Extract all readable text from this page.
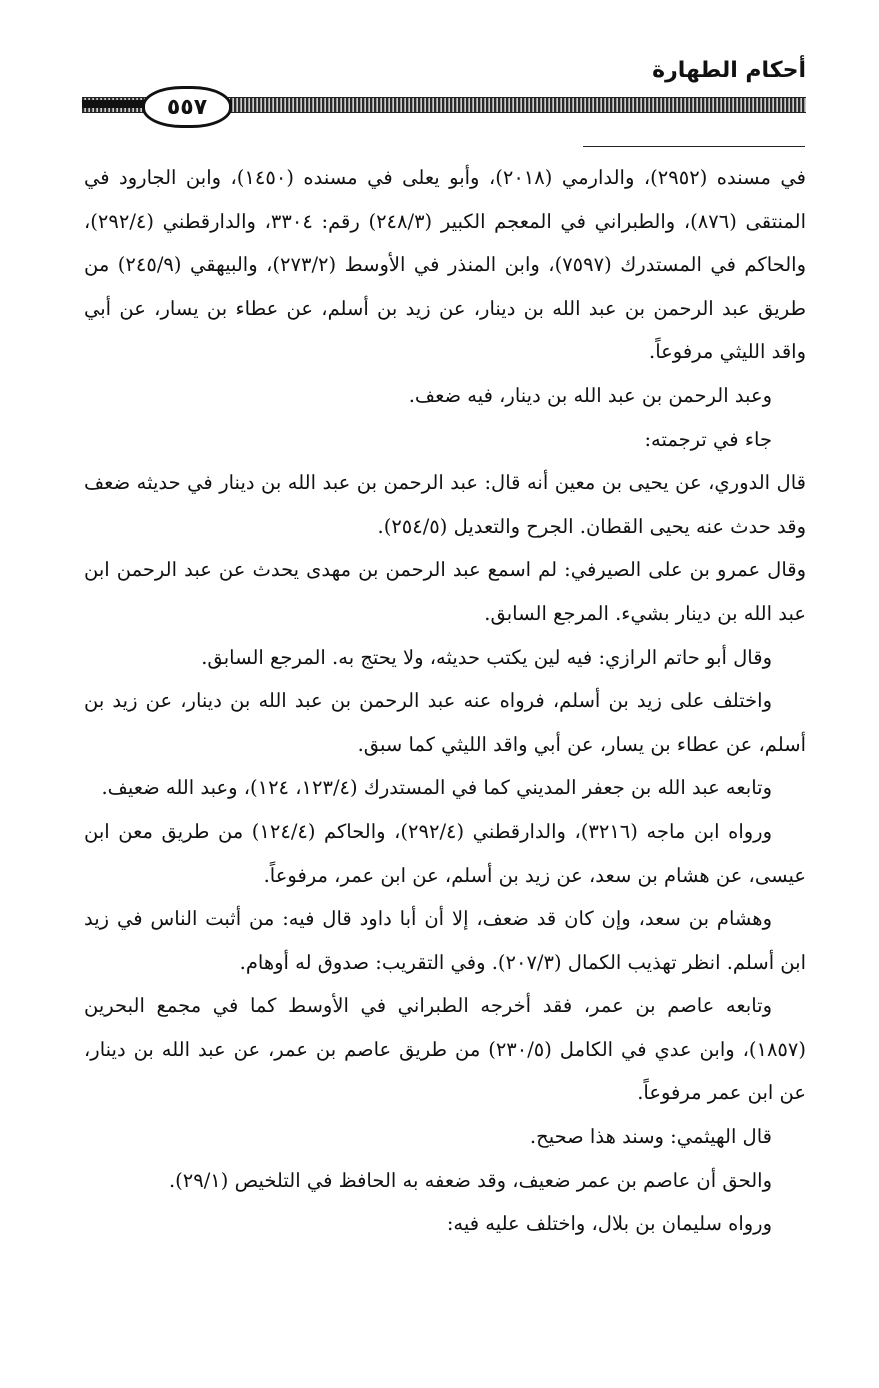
أحكام الطهارة
٥٥٧

في مسنده (٢٩٥٢)، والدارمي (٢٠١٨)، وأبو يعلى في مسنده (١٤٥٠)، وابن الجارود في المنتقى (٨٧٦)، والطبراني في المعجم الكبير (٢٤٨/٣) رقم: ٣٣٠٤، والدارقطني (٢٩٢/٤)، والحاكم في المستدرك (٧٥٩٧)، وابن المنذر في الأوسط (٢٧٣/٢)، والبيهقي (٢٤٥/٩) من طريق عبد الرحمن بن عبد الله بن دينار، عن زيد بن أسلم، عن عطاء بن يسار، عن أبي واقد الليثي مرفوعاً.

وعبد الرحمن بن عبد الله بن دينار، فيه ضعف.

جاء في ترجمته:

قال الدوري، عن يحيى بن معين أنه قال: عبد الرحمن بن عبد الله بن دينار في حديثه ضعف وقد حدث عنه يحيى القطان. الجرح والتعديل (٢٥٤/٥).

وقال عمرو بن على الصيرفي: لم اسمع عبد الرحمن بن مهدى يحدث عن عبد الرحمن ابن عبد الله بن دينار بشيء. المرجع السابق.

وقال أبو حاتم الرازي: فيه لين يكتب حديثه، ولا يحتج به. المرجع السابق.

واختلف على زيد بن أسلم، فرواه عنه عبد الرحمن بن عبد الله بن دينار، عن زيد بن أسلم، عن عطاء بن يسار، عن أبي واقد الليثي كما سبق.

وتابعه عبد الله بن جعفر المديني كما في المستدرك (١٢٣/٤، ١٢٤)، وعبد الله ضعيف.

ورواه ابن ماجه (٣٢١٦)، والدارقطني (٢٩٢/٤)، والحاكم (١٢٤/٤) من طريق معن ابن عيسى، عن هشام بن سعد، عن زيد بن أسلم، عن ابن عمر، مرفوعاً.

وهشام بن سعد، وإن كان قد ضعف، إلا أن أبا داود قال فيه: من أثبت الناس في زيد ابن أسلم. انظر تهذيب الكمال (٢٠٧/٣). وفي التقريب: صدوق له أوهام.

وتابعه عاصم بن عمر، فقد أخرجه الطبراني في الأوسط كما في مجمع البحرين (١٨٥٧)، وابن عدي في الكامل (٢٣٠/٥) من طريق عاصم بن عمر، عن عبد الله بن دينار، عن ابن عمر مرفوعاً.

قال الهيثمي: وسند هذا صحيح.

والحق أن عاصم بن عمر ضعيف، وقد ضعفه به الحافظ في التلخيص (٢٩/١).

ورواه سليمان بن بلال، واختلف عليه فيه:
